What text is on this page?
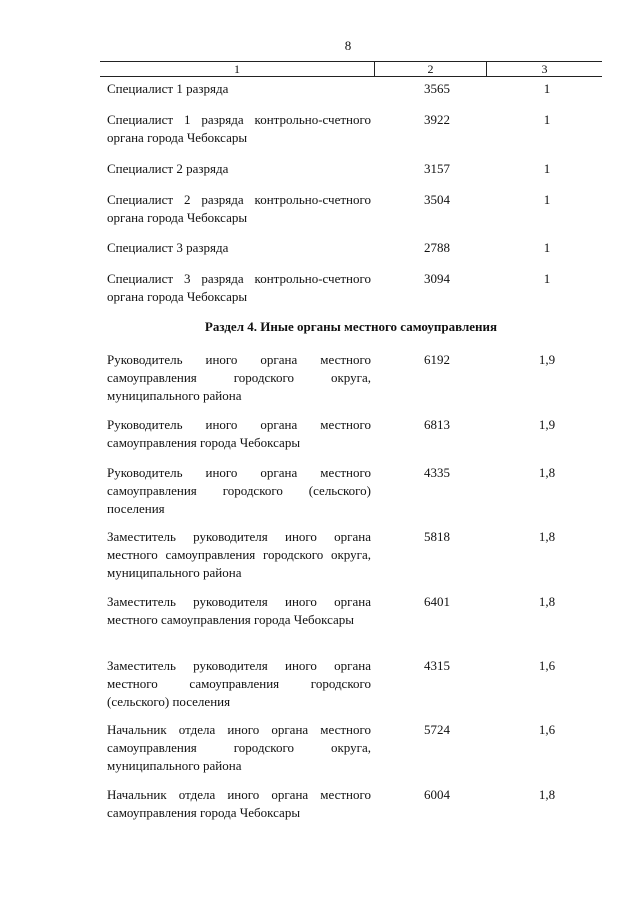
8
1	2	3
Специалист 1 разряда	3565	1
Специалист 1 разряда контрольно-счетного органа города Чебоксары
3922	1
Специалист 2 разряда	3157	1
Специалист 2 разряда контрольно-счетного органа города Чебоксары
3504	1
Специалист 3 разряда	2788	1
Специалист 3 разряда контрольно-счетного органа города Чебоксары
3094	1
Раздел 4. Иные органы местного самоуправления
Руководитель иного органа местного самоуправления городского округа, муниципального района
6192	1,9
Руководитель иного органа местного самоуправления города Чебоксары
6813	1,9
Руководитель иного органа местного самоуправления городского (сельского) поселения
4335	1,8
Заместитель руководителя иного органа местного самоуправления городского округа, муниципального района
5818	1,8
Заместитель руководителя иного органа местного самоуправления города Чебоксары
6401	1,8
Заместитель руководителя иного органа местного самоуправления городского (сельского) поселения
4315	1,6
Начальник отдела иного органа местного самоуправления городского округа, муниципального района
5724	1,6
Начальник отдела иного органа местного самоуправления города Чебоксары
6004	1,8
